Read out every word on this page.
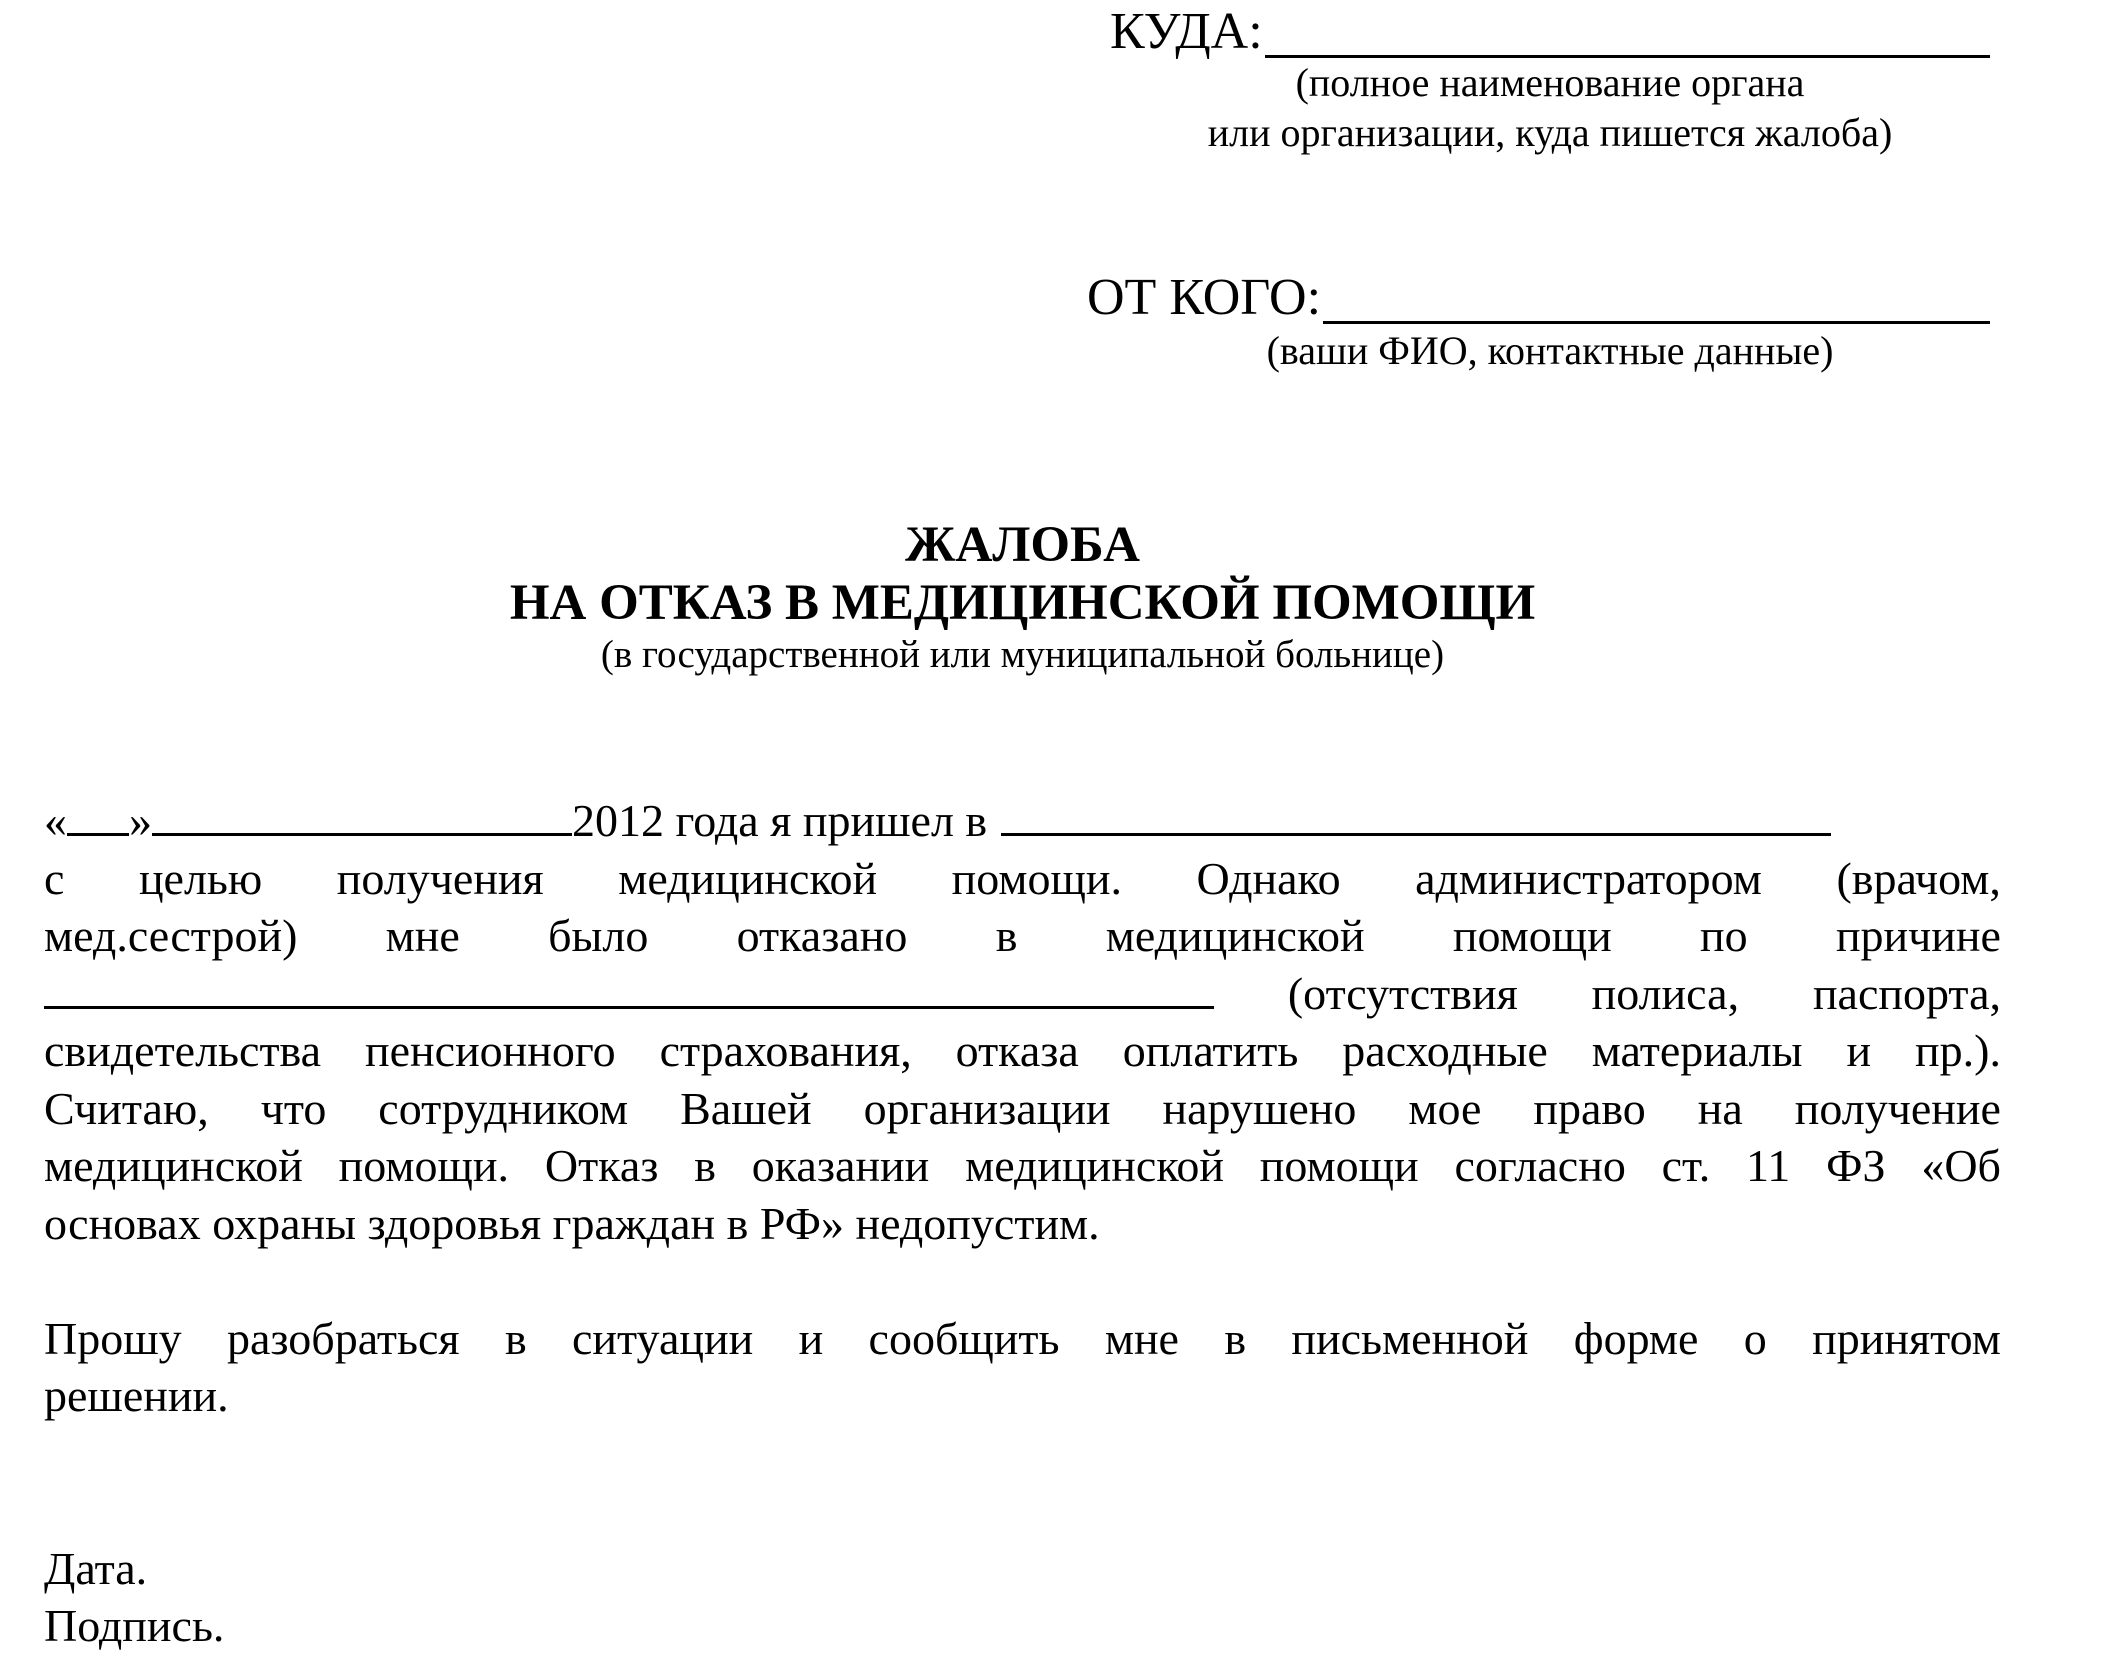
КУДА:
(полное наименование органа
или организации, куда пишется жалоба)
ОТ КОГО:
(ваши ФИО, контактные данные)
ЖАЛОБА
НА ОТКАЗ В МЕДИЦИНСКОЙ ПОМОЩИ
(в государственной или муниципальной больнице)
« »	2012 года я пришел в
с целью получения медицинской помощи. Однако администратором (врачом,
мед.сестрой) мне было отказано в медицинской помощи по причине
(отсутствия полиса, паспорта,
свидетельства пенсионного страхования, отказа оплатить расходные материалы и пр.).
Считаю, что сотрудником Вашей организации нарушено мое право на получение
медицинской помощи. Отказ в оказании медицинской помощи согласно ст. 11 ФЗ «Об
основах охраны здоровья граждан в РФ» недопустим.
Прошу разобраться в ситуации и сообщить мне в письменной форме о принятом
решении.
Дата.
Подпись.
